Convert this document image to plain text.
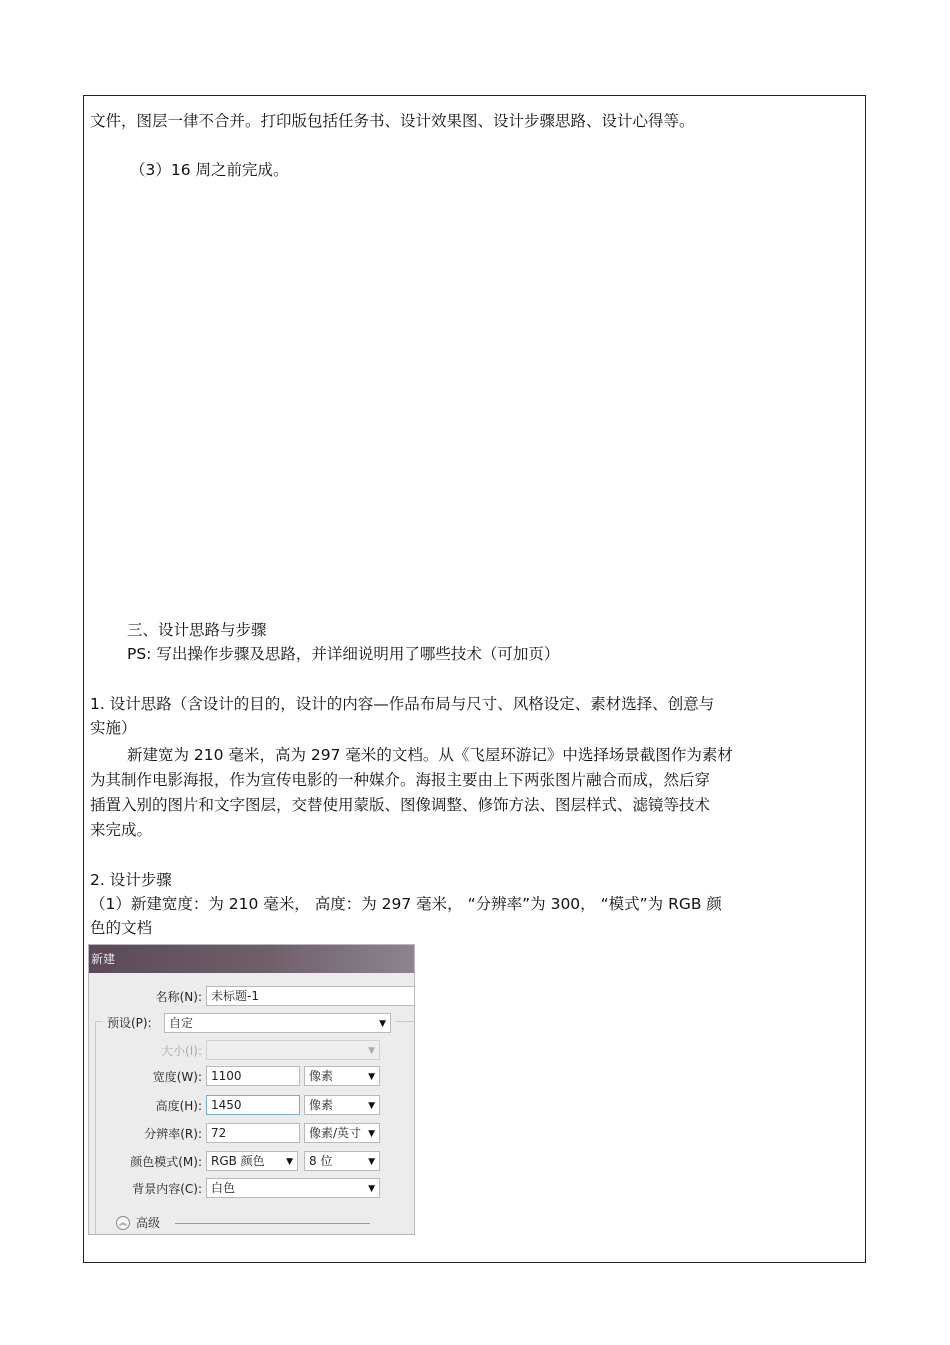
文件，图层一律不合并。打印版包括任务书、设计效果图、设计步骤思路、设计心得等。
（3）16 周之前完成。
三、设计思路与步骤
PS: 写出操作步骤及思路，并详细说明用了哪些技术（可加页）
1. 设计思路（含设计的目的，设计的内容—作品布局与尺寸、风格设定、素材选择、创意与
实施）
新建宽为 210 毫米，高为 297 毫米的文档。从《飞屋环游记》中选择场景截图作为素材
为其制作电影海报，作为宣传电影的一种媒介。海报主要由上下两张图片融合而成，然后穿
插置入别的图片和文字图层，交替使用蒙版、图像调整、修饰方法、图层样式、滤镜等技术
来完成。
2. 设计步骤
（1）新建宽度：为 210 毫米， 高度：为 297 毫米， “分辨率”为 300， “模式”为 RGB 颜
色的文档
新建
名称(N): 未标题-1
预设(P):	自定	▼
大小(I):	▼
宽度(W): 1100	像素	▼
高度(H): 1450	像素	▼
分辨率(R): 72	像素/英寸 ▼
颜色模式(M): RGB 颜色 ▼	8 位	▼
背景内容(C): 白色	▼
︽ 高级
